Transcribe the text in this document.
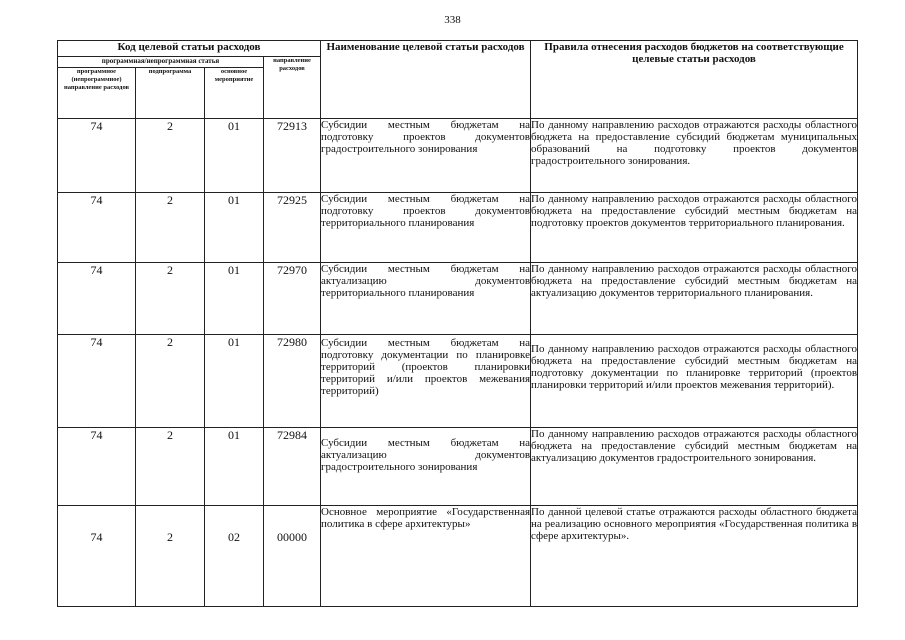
338
Код целевой статьи расходов				Наименование целевой статьи расходов	Правила отнесения расходов бюджетов на соответствующие целевые статьи расходов
программная/непрограммная статья			направление расходов		
программное (непрограммное) направление расходов	подпрограмма	основное мероприятие			
74	2	01	72913	Субсидии местным бюджетам на подготовку проектов документов градостроительного зонирования	По данному направлению расходов отражаются расходы областного бюджета на предоставление субсидий бюджетам муниципальных образований на подготовку проектов документов градостроительного зонирования.
74	2	01	72925	Субсидии местным бюджетам на подготовку проектов документов территориального планирования	По данному направлению расходов отражаются расходы областного бюджета на предоставление субсидий местным бюджетам на подготовку проектов документов территориального планирования.
74	2	01	72970	Субсидии местным бюджетам на актуализацию документов территориального планирования	По данному направлению расходов отражаются расходы областного бюджета на предоставление субсидий местным бюджетам на актуализацию документов территориального планирования.
74	2	01	72980	Субсидии местным бюджетам на подготовку документации по планировке территорий (проектов планировки территорий и/или проектов межевания территорий)	По данному направлению расходов отражаются расходы областного бюджета на предоставление субсидий местным бюджетам на подготовку документации по планировке территорий (проектов планировки территорий и/или проектов межевания территорий).
74	2	01	72984	Субсидии местным бюджетам на актуализацию документов градостроительного зонирования	По данному направлению расходов отражаются расходы областного бюджета на предоставление субсидий местным бюджетам на актуализацию документов градостроительного зонирования.
74	2	02	00000	Основное мероприятие «Государственная политика в сфере архитектуры»	По данной целевой статье отражаются расходы областного бюджета на реализацию основного мероприятия «Государственная политика в сфере архитектуры».
